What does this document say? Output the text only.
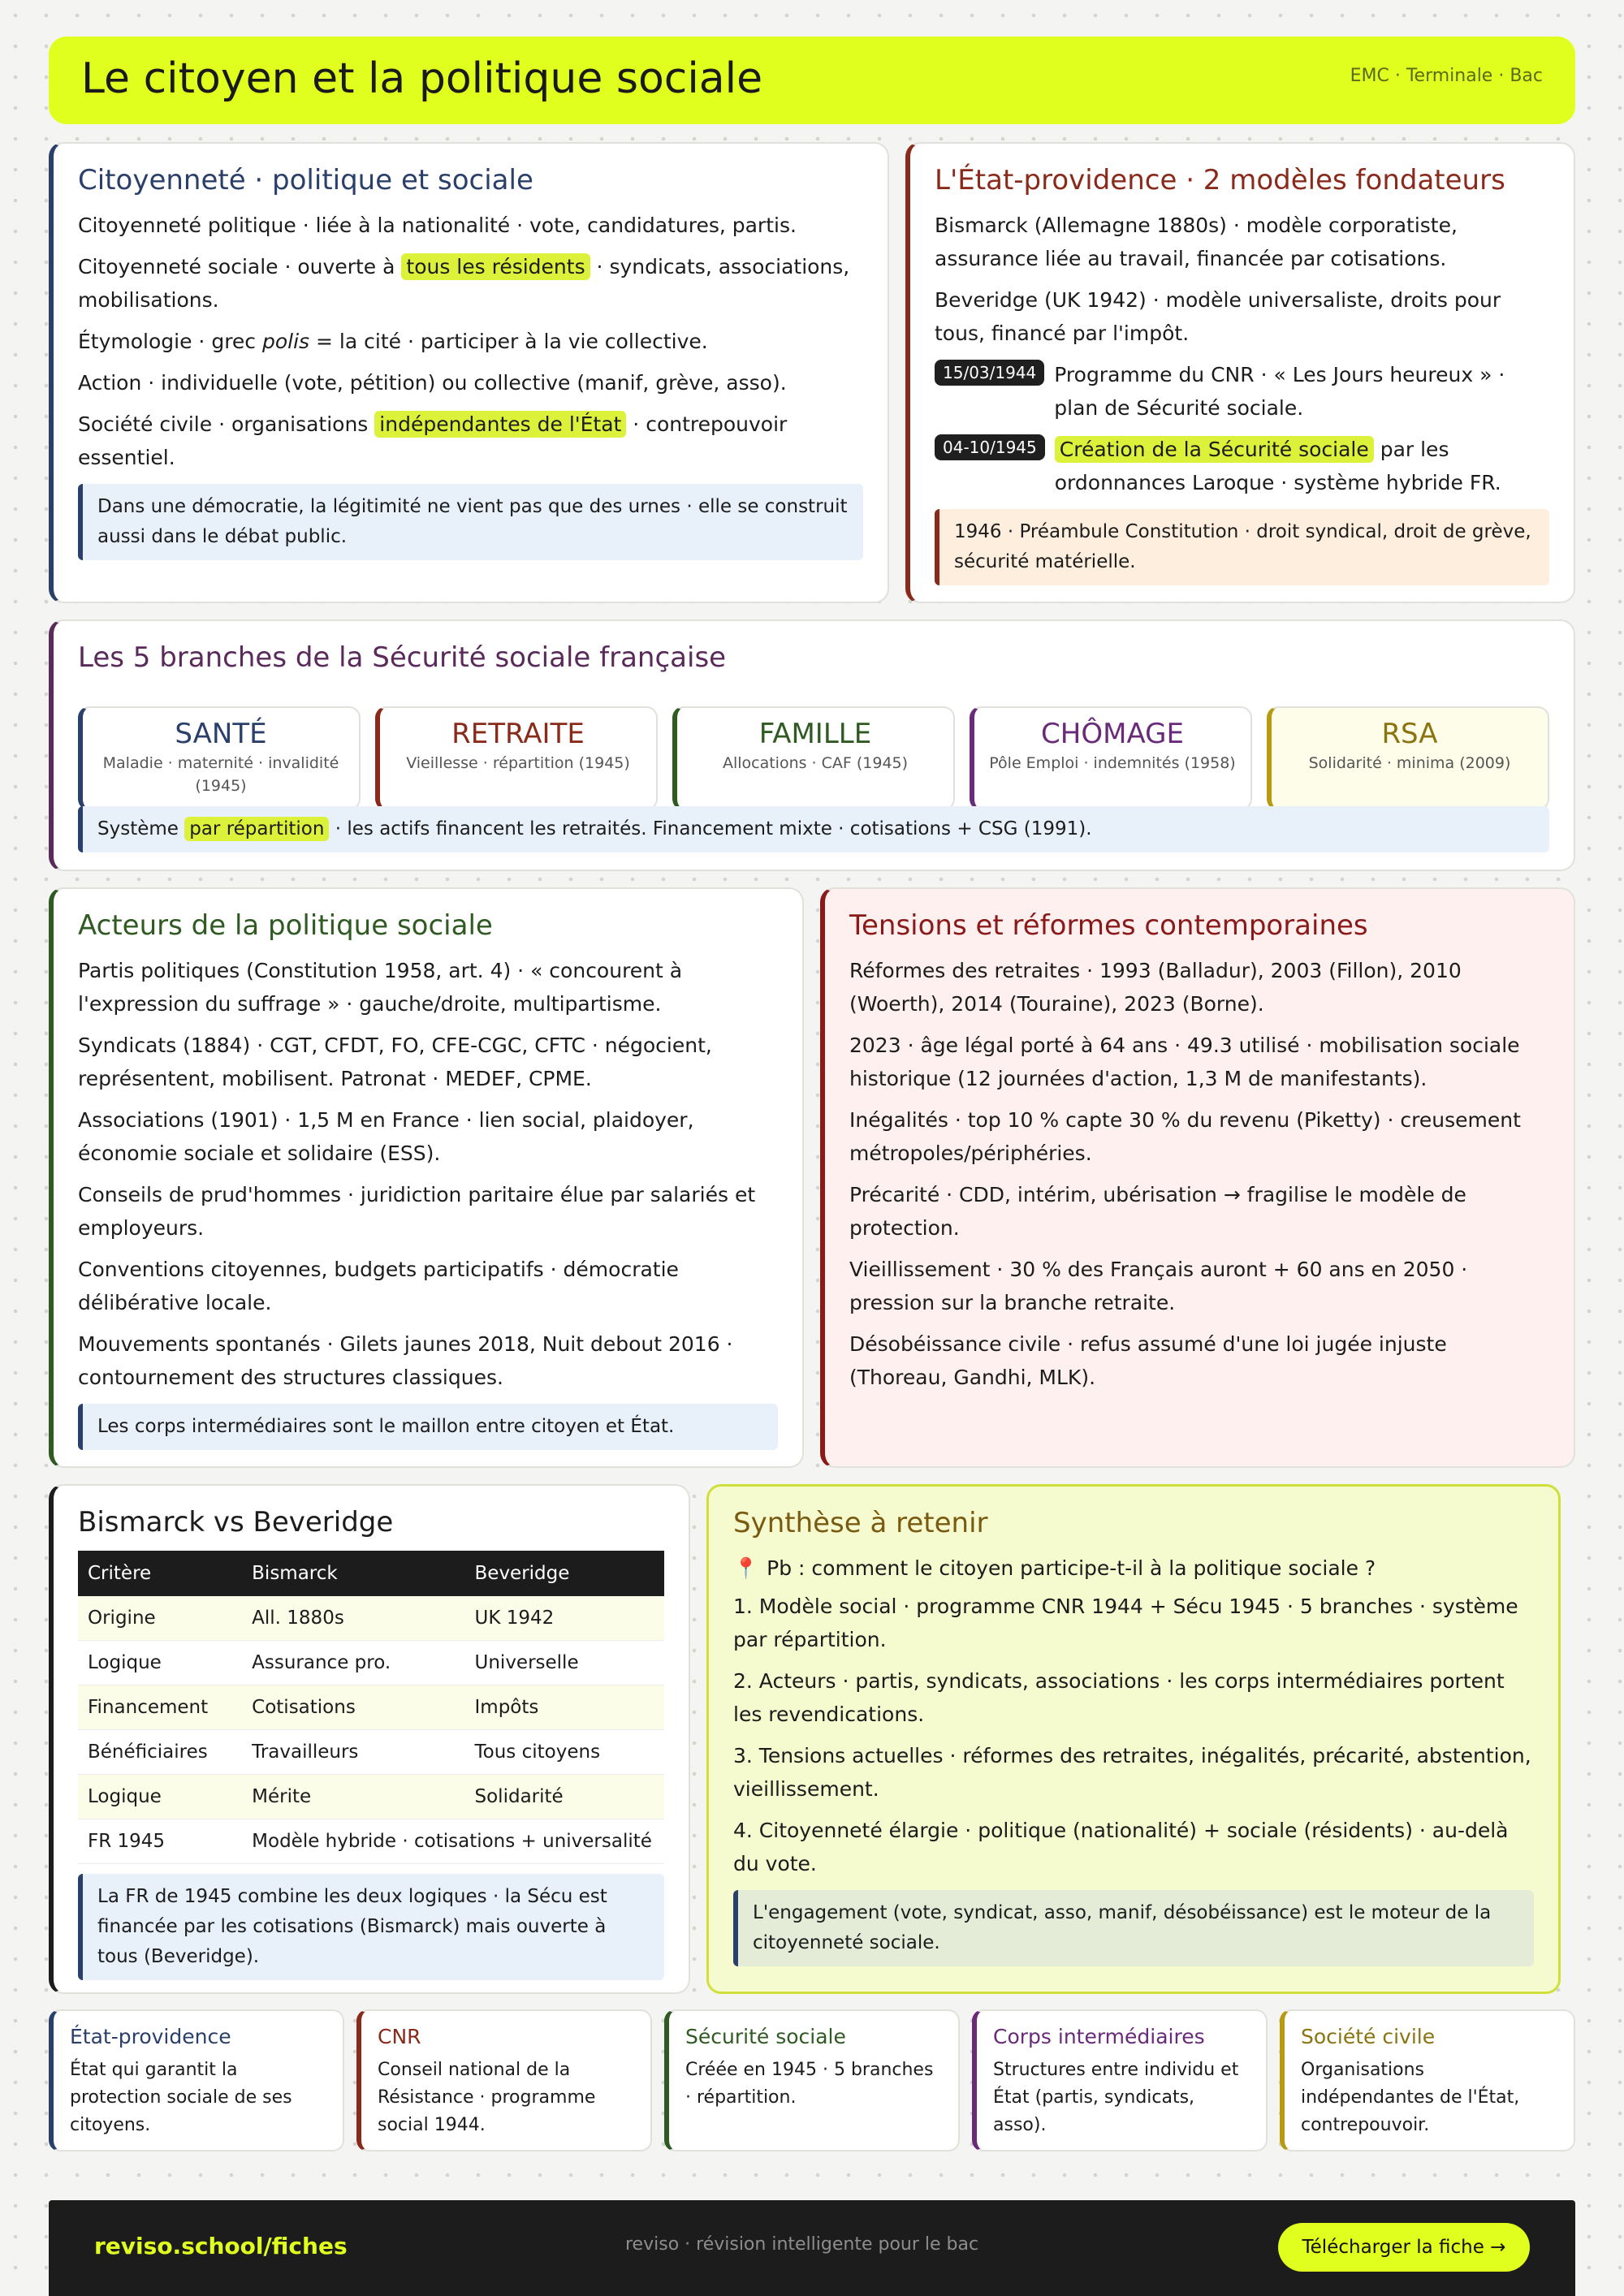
Le citoyen et la politique sociale	EMC · Terminale · Bac
Citoyenneté · politique et sociale

Citoyenneté politique · liée à la nationalité · vote, candidatures, partis.

Citoyenneté sociale · ouverte à tous les résidents · syndicats, associations, mobilisations.

Étymologie · grec polis = la cité · participer à la vie collective.

Action · individuelle (vote, pétition) ou collective (manif, grève, asso).

Société civile · organisations indépendantes de l'État · contrepouvoir essentiel.

Dans une démocratie, la légitimité ne vient pas que des urnes · elle se construit aussi dans le débat public.
L'État-providence · 2 modèles fondateurs

Bismarck (Allemagne 1880s) · modèle corporatiste, assurance liée au travail, financée par cotisations.

Beveridge (UK 1942) · modèle universaliste, droits pour tous, financé par l'impôt.

15/03/1944 Programme du CNR · « Les Jours heureux » · plan de Sécurité sociale.
04-10/1945	Création de la Sécurité sociale par les ordonnances Laroque · système hybride FR.
1946 · Préambule Constitution · droit syndical, droit de grève, sécurité matérielle.
Les 5 branches de la Sécurité sociale française
SANTÉ
Maladie · maternité · invalidité (1945)
RETRAITE
Vieillesse · répartition (1945)
FAMILLE
Allocations · CAF (1945)
CHÔMAGE
Pôle Emploi · indemnités (1958)
RSA
Solidarité · minima (2009)
Système par répartition · les actifs financent les retraités. Financement mixte · cotisations + CSG (1991).
Acteurs de la politique sociale

Partis politiques (Constitution 1958, art. 4) · « concourent à l'expression du suffrage » · gauche/droite, multipartisme.

Syndicats (1884) · CGT, CFDT, FO, CFE-CGC, CFTC · négocient, représentent, mobilisent. Patronat · MEDEF, CPME.

Associations (1901) · 1,5 M en France · lien social, plaidoyer, économie sociale et solidaire (ESS).

Conseils de prud'hommes · juridiction paritaire élue par salariés et employeurs.

Conventions citoyennes, budgets participatifs · démocratie délibérative locale.

Mouvements spontanés · Gilets jaunes 2018, Nuit debout 2016 · contournement des structures classiques.

Les corps intermédiaires sont le maillon entre citoyen et État.
Tensions et réformes contemporaines

Réformes des retraites · 1993 (Balladur), 2003 (Fillon), 2010 (Woerth), 2014 (Touraine), 2023 (Borne).

2023 · âge légal porté à 64 ans · 49.3 utilisé · mobilisation sociale historique (12 journées d'action, 1,3 M de manifestants).

Inégalités · top 10 % capte 30 % du revenu (Piketty) · creusement métropoles/périphéries.

Précarité · CDD, intérim, ubérisation → fragilise le modèle de protection.

Vieillissement · 30 % des Français auront + 60 ans en 2050 · pression sur la branche retraite.

Désobéissance civile · refus assumé d'une loi jugée injuste (Thoreau, Gandhi, MLK).

Bismarck vs Beveridge
Critère	Bismarck	Beveridge
Origine	All. 1880s	UK 1942
Logique	Assurance pro.	Universelle
Financement	Cotisations	Impôts
Bénéficiaires	Travailleurs	Tous citoyens
Logique	Mérite	Solidarité
FR 1945	Modèle hybride · cotisations + universalité	
La FR de 1945 combine les deux logiques · la Sécu est financée par les cotisations (Bismarck) mais ouverte à tous (Beveridge).
Synthèse à retenir

📍 Pb : comment le citoyen participe-t-il à la politique sociale ?

1. Modèle social · programme CNR 1944 + Sécu 1945 · 5 branches · système par répartition.

2. Acteurs · partis, syndicats, associations · les corps intermédiaires portent les revendications.

3. Tensions actuelles · réformes des retraites, inégalités, précarité, abstention, vieillissement.

4. Citoyenneté élargie · politique (nationalité) + sociale (résidents) · au-delà du vote.

L'engagement (vote, syndicat, asso, manif, désobéissance) est le moteur de la citoyenneté sociale.
État-providence
État qui garantit la protection sociale de ses citoyens.
CNR
Conseil national de la Résistance · programme social 1944.
Sécurité sociale
Créée en 1945 · 5 branches · répartition.
Corps intermédiaires
Structures entre individu et État (partis, syndicats, asso).
Société civile
Organisations indépendantes de l'État, contrepouvoir.
reviso.school/fiches	reviso · révision intelligente pour le bac	Télécharger la fiche →
